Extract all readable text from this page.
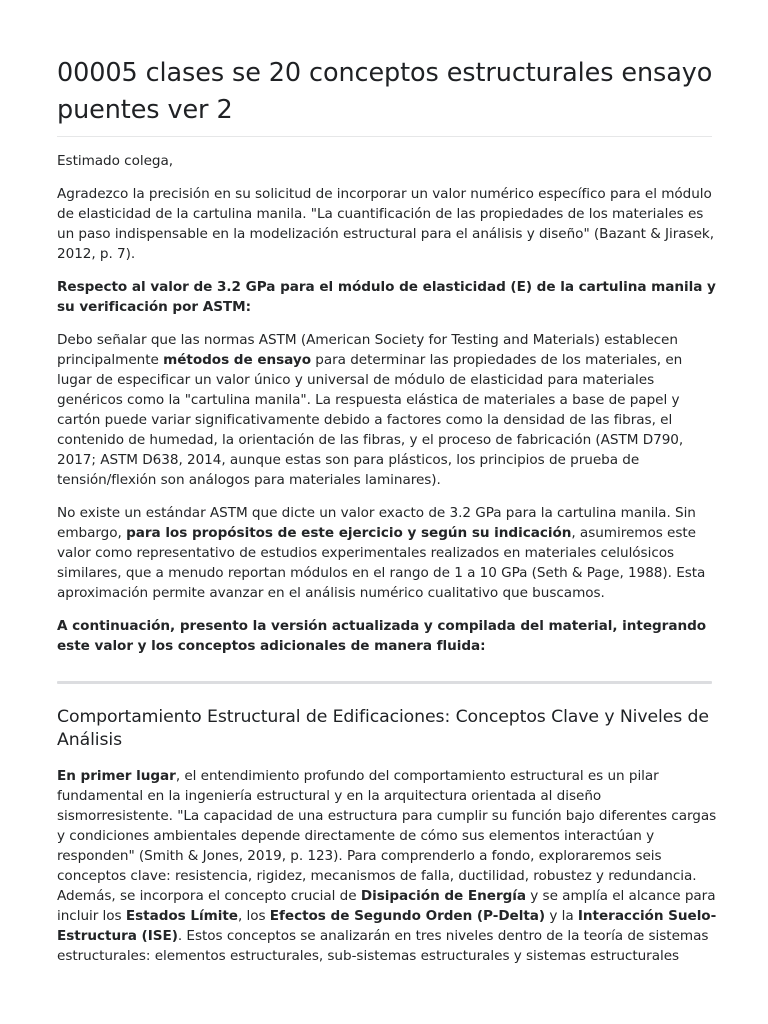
00005 clases se 20 conceptos estructurales ensayo puentes ver 2

Estimado colega,

Agradezco la precisión en su solicitud de incorporar un valor numérico específico para el módulo de elasticidad de la cartulina manila. "La cuantificación de las propiedades de los materiales es un paso indispensable en la modelización estructural para el análisis y diseño" (Bazant & Jirasek, 2012, p. 7).

Respecto al valor de 3.2 GPa para el módulo de elasticidad (E) de la cartulina manila y su verificación por ASTM:

Debo señalar que las normas ASTM (American Society for Testing and Materials) establecen principalmente métodos de ensayo para determinar las propiedades de los materiales, en lugar de especificar un valor único y universal de módulo de elasticidad para materiales genéricos como la "cartulina manila". La respuesta elástica de materiales a base de papel y cartón puede variar significativamente debido a factores como la densidad de las fibras, el contenido de humedad, la orientación de las fibras, y el proceso de fabricación (ASTM D790, 2017; ASTM D638, 2014, aunque estas son para plásticos, los principios de prueba de tensión/flexión son análogos para materiales laminares).

No existe un estándar ASTM que dicte un valor exacto de 3.2 GPa para la cartulina manila. Sin embargo, para los propósitos de este ejercicio y según su indicación, asumiremos este valor como representativo de estudios experimentales realizados en materiales celulósicos similares, que a menudo reportan módulos en el rango de 1 a 10 GPa (Seth & Page, 1988). Esta aproximación permite avanzar en el análisis numérico cualitativo que buscamos.

A continuación, presento la versión actualizada y compilada del material, integrando este valor y los conceptos adicionales de manera fluida:

Comportamiento Estructural de Edificaciones: Conceptos Clave y Niveles de Análisis

En primer lugar, el entendimiento profundo del comportamiento estructural es un pilar fundamental en la ingeniería estructural y en la arquitectura orientada al diseño sismorresistente. "La capacidad de una estructura para cumplir su función bajo diferentes cargas y condiciones ambientales depende directamente de cómo sus elementos interactúan y responden" (Smith & Jones, 2019, p. 123). Para comprenderlo a fondo, exploraremos seis conceptos clave: resistencia, rigidez, mecanismos de falla, ductilidad, robustez y redundancia. Además, se incorpora el concepto crucial de Disipación de Energía y se amplía el alcance para incluir los Estados Límite, los Efectos de Segundo Orden (P-Delta) y la Interacción Suelo-Estructura (ISE). Estos conceptos se analizarán en tres niveles dentro de la teoría de sistemas estructurales: elementos estructurales, sub-sistemas estructurales y sistemas estructurales
